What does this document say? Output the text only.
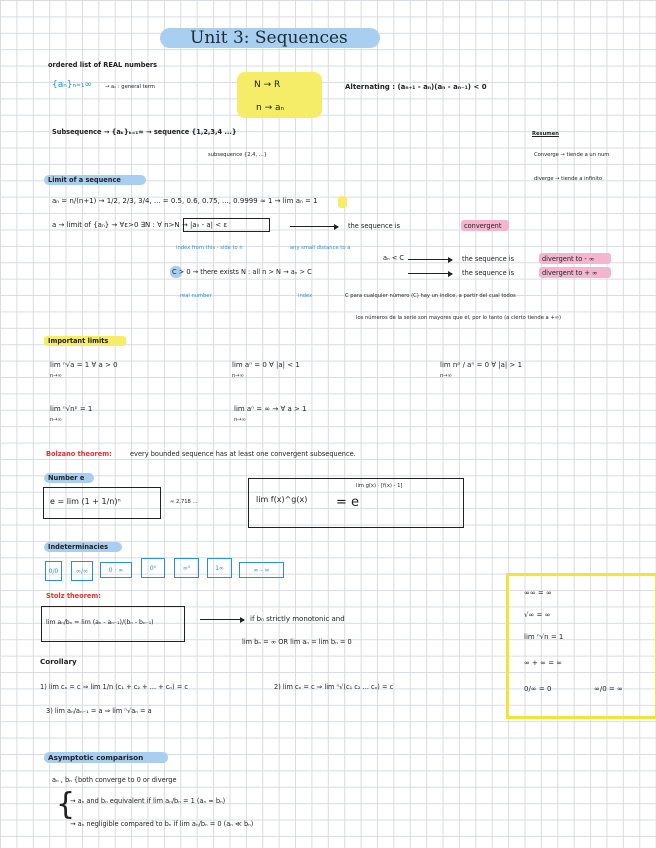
Unit 3: Sequences
ordered list of REAL numbers
{aₙ}ₙ₌₁∞	→ aₙ : general term	N → R
n → aₙ
Alternating : (aₙ₊₁ - aₙ)(aₙ - aₙ₋₁) < 0
Subsequence → {aₖ}ₖ₌₁∞ → sequence {1,2,3,4 ...}
subsequence {2,4, ...}
Resumen
Converge → tiende a un num
diverge → tiende a infinito
Limit of a sequence
aₙ = n/(n+1) → 1/2, 2/3, 3/4, ... = 0.5, 0.6, 0.75, ..., 0.9999 ≈ 1 → lim aₙ = 1
a → limit of {aₙ} → ∀ε>0 ∃N : ∀ n>N → |aₙ - a| < ε	the sequence is	convergent
index from this - side to n	any small distance to a
aₙ < C	the sequence is	divergent to - ∞
C > 0 → there exists N : all n > N → aₙ > C	the sequence is	divergent to + ∞
real number	index	C para cualquier número (C) hay un índice, a partir del cual todos
los números de la serie son mayores que él, por lo tanto (a cierto tiende a +∞)
Important limits
lim ⁿ√a = 1 ∀ a > 0	lim aⁿ = 0 ∀ |a| < 1	lim nᵖ / aⁿ = 0 ∀ |a| > 1
lim ⁿ√nᵖ = 1	lim aⁿ = ∞ → ∀ a > 1
n→∞	n→∞	n→∞
n→∞	n→∞
Bolzano theorem:	every bounded sequence has at least one convergent subsequence.
Number e
e = lim (1 + 1/n)ⁿ	≈ 2,718 ...	lim f(x)^g(x) = e
lim g(x) · [f(x) - 1]
Indeterminacies
0/0	∞/∞	0 · ∞	0⁰	∞⁰	1∞	∞ - ∞
Stolz theorem:
lim aₙ/bₙ = lim (aₙ - aₙ₋₁)/(bₙ - bₙ₋₁)	if bₙ strictly monotonic and
lim bₙ = ∞ OR lim aₙ = lim bₙ = 0
Corollary
1) lim cₙ = c ⇒ lim 1/n (c₁ + c₂ + ... + cₙ) = c	2) lim cₙ = c ⇒ lim ⁿ√(c₁ c₂ ... cₙ) = c
3) lim aₙ/aₙ₋₁ = a ⇒ lim ⁿ√aₙ = a
∞∞ = ∞
√∞ = ∞
lim ⁿ√n = 1
∞ + ∞ = ∞
0/∞ = 0	∞/0 = ∞
Asymptotic comparison
aₙ , bₙ {both converge to 0 or diverge
{
→ aₙ and bₙ equivalent if lim aₙ/bₙ = 1 (aₙ ≈ bₙ)
→ aₙ negligible compared to bₙ if lim aₙ/bₙ = 0 (aₙ ≪ bₙ)
